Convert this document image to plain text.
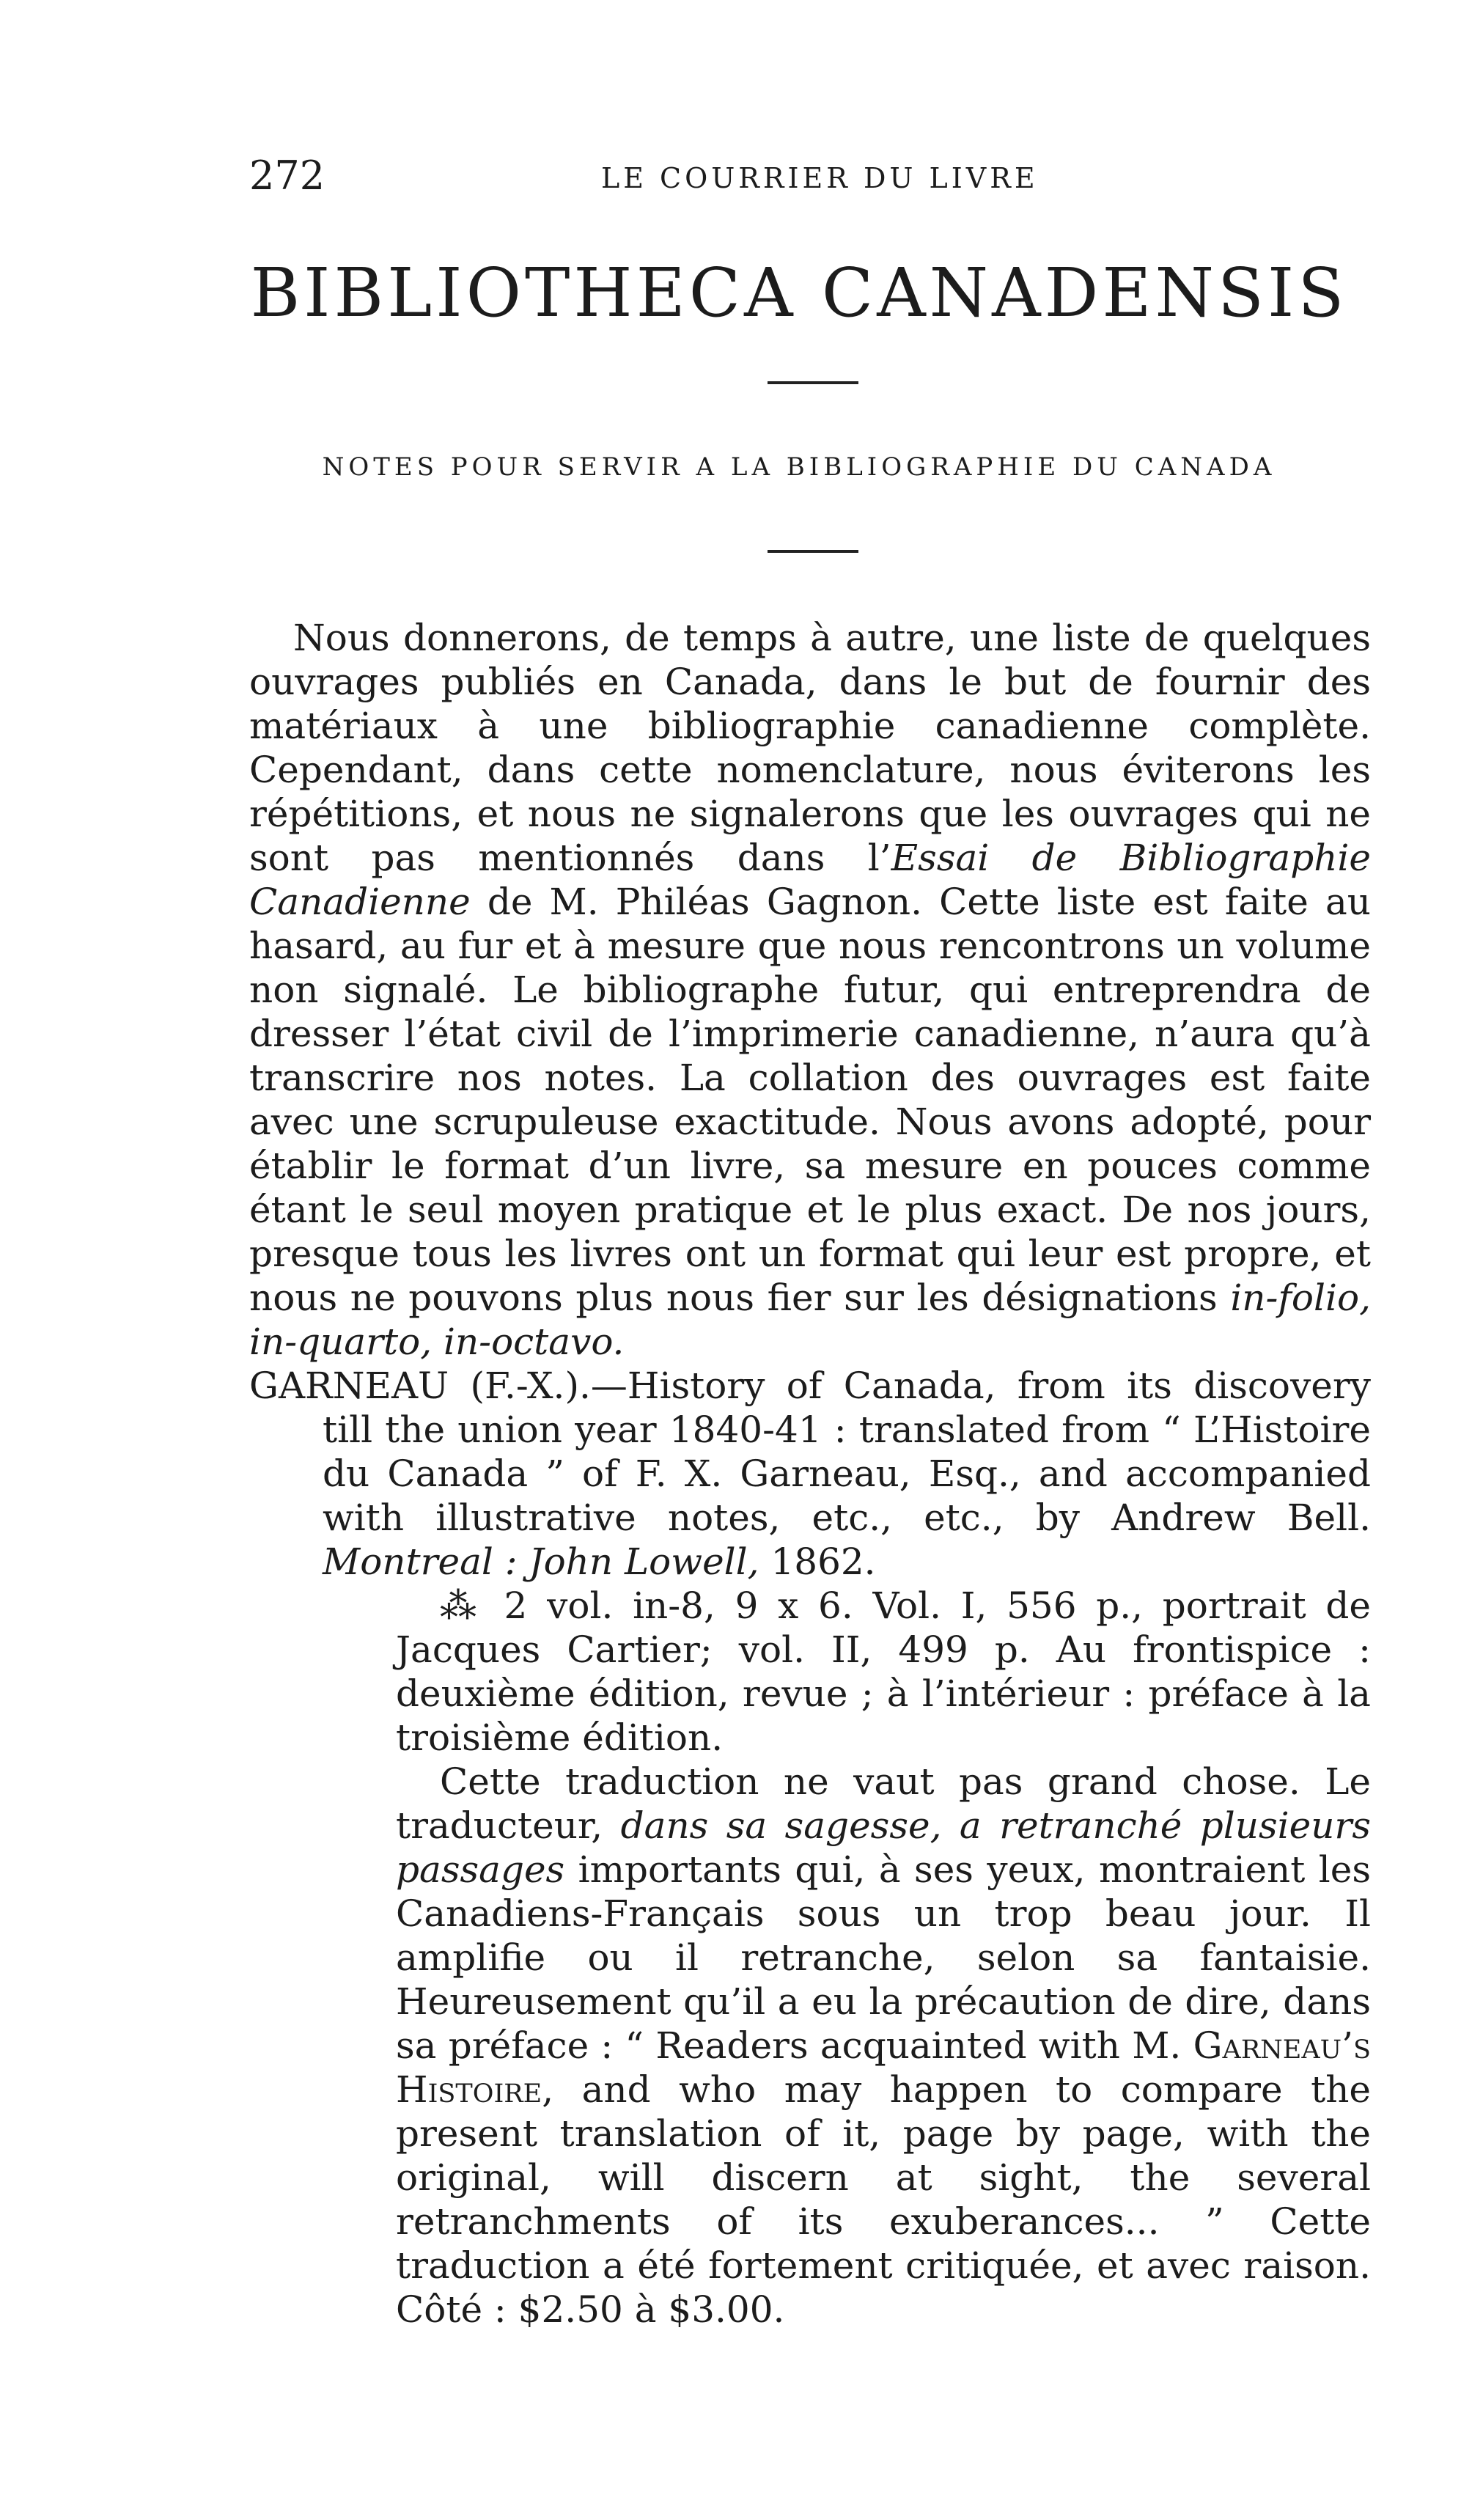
272	LE COURRIER DU LIVRE
BIBLIOTHECA CANADENSIS
NOTES POUR SERVIR A LA BIBLIOGRAPHIE DU CANADA

Nous donnerons, de temps à autre, une liste de quelques ouvrages publiés en Canada, dans le but de fournir des matériaux à une bibliographie canadienne complète. Cependant, dans cette nomenclature, nous éviterons les répétitions, et nous ne signalerons que les ouvrages qui ne sont pas mentionnés dans l’Essai de Bibliographie Canadienne de M. Philéas Gagnon. Cette liste est faite au hasard, au fur et à mesure que nous rencontrons un volume non signalé. Le bibliographe futur, qui entreprendra de dresser l’état civil de l’imprimerie canadienne, n’aura qu’à transcrire nos notes. La collation des ouvrages est faite avec une scrupuleuse exactitude. Nous avons adopté, pour établir le format d’un livre, sa mesure en pouces comme étant le seul moyen pratique et le plus exact. De nos jours, presque tous les livres ont un format qui leur est propre, et nous ne pouvons plus nous fier sur les désignations in-folio, in-quarto, in-octavo.

GARNEAU (F.-X.).—History of Canada, from its discovery till the union year 1840-41 : translated from “ L’Histoire du Canada ” of F. X. Garneau, Esq., and accompanied with illustrative notes, etc., etc., by Andrew Bell. Montreal : John Lowell, 1862.

⁂ 2 vol. in-8, 9 x 6. Vol. I, 556 p., portrait de Jacques Cartier; vol. II, 499 p. Au frontispice : deuxième édition, revue ; à l’intérieur : préface à la troisième édition.

Cette traduction ne vaut pas grand chose. Le traducteur, dans sa sagesse, a retranché plusieurs passages importants qui, à ses yeux, montraient les Canadiens-Français sous un trop beau jour. Il amplifie ou il retranche, selon sa fantaisie. Heureusement qu’il a eu la précaution de dire, dans sa préface : “ Readers acquainted with M. Garneau’s Histoire, and who may happen to compare the present translation of it, page by page, with the original, will discern at sight, the several retranchments of its exuberances... ” Cette traduction a été fortement critiquée, et avec raison. Côté : $2.50 à $3.00.
